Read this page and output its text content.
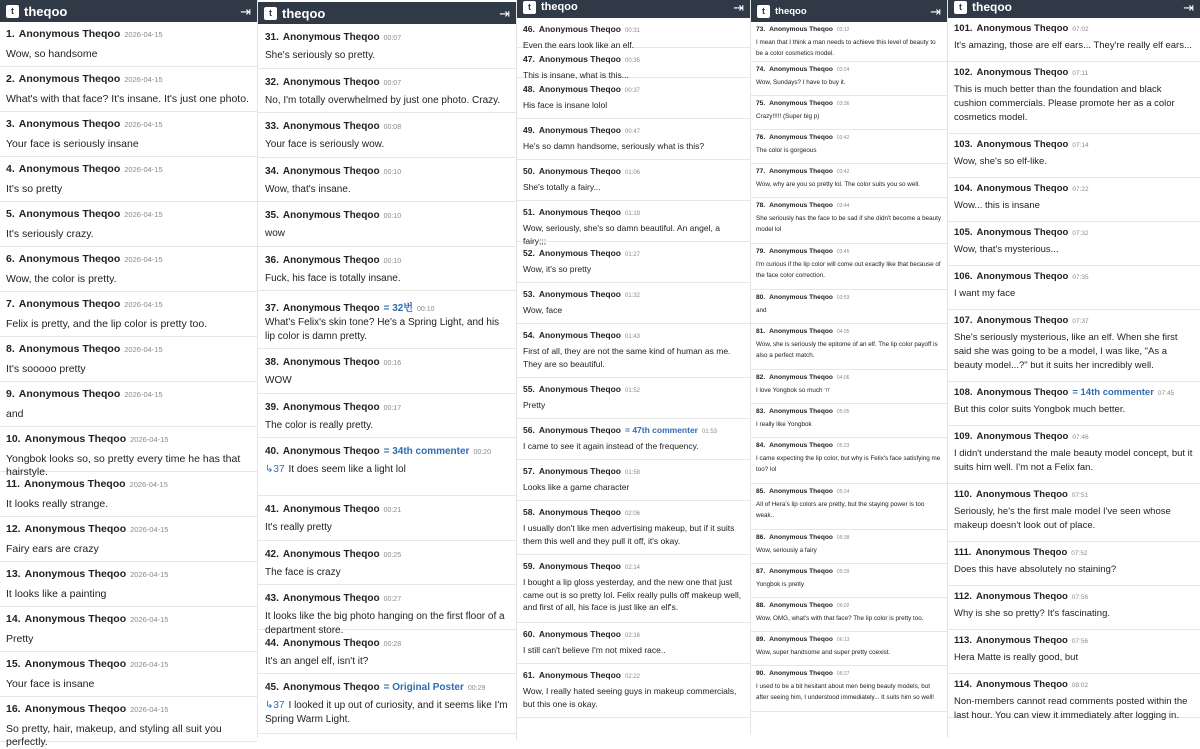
t theqoo	⇥
1. Anonymous Theqoo 2026-04-15
Wow, so handsome
2. Anonymous Theqoo 2026-04-15
What's with that face? It's insane. It's just one photo.
3. Anonymous Theqoo 2026-04-15
Your face is seriously insane
4. Anonymous Theqoo 2026-04-15
It's so pretty
5. Anonymous Theqoo 2026-04-15
It's seriously crazy.
6. Anonymous Theqoo 2026-04-15
Wow, the color is pretty.
7. Anonymous Theqoo 2026-04-15
Felix is pretty, and the lip color is pretty too.
8. Anonymous Theqoo 2026-04-15
It's sooooo pretty
9. Anonymous Theqoo 2026-04-15
and
10. Anonymous Theqoo 2026-04-15
Yongbok looks so, so pretty every time he has that hairstyle.
11. Anonymous Theqoo 2026-04-15
It looks really strange.
12. Anonymous Theqoo 2026-04-15
Fairy ears are crazy
13. Anonymous Theqoo 2026-04-15
It looks like a painting
14. Anonymous Theqoo 2026-04-15
Pretty
15. Anonymous Theqoo 2026-04-15
Your face is insane
16. Anonymous Theqoo 2026-04-15
So pretty, hair, makeup, and styling all suit you perfectly.
t theqoo	⇥
31. Anonymous Theqoo 00:07
She's seriously so pretty.
32. Anonymous Theqoo 00:07
No, I'm totally overwhelmed by just one photo. Crazy.
33. Anonymous Theqoo 00:08
Your face is seriously wow.
34. Anonymous Theqoo 00:10
Wow, that's insane.
35. Anonymous Theqoo 00:10
wow
36. Anonymous Theqoo 00:10
Fuck, his face is totally insane.
37. Anonymous Theqoo = 32번 00:10
What's Felix's skin tone? He's a Spring Light, and his lip color is damn pretty.
38. Anonymous Theqoo 00:16
WOW
39. Anonymous Theqoo 00:17
The color is really pretty.
40. Anonymous Theqoo = 34th commenter 00:20
↳37 It does seem like a light lol
41. Anonymous Theqoo 00:21
It's really pretty
42. Anonymous Theqoo 00:25
The face is crazy
43. Anonymous Theqoo 00:27
It looks like the big photo hanging on the first floor of a department store.
44. Anonymous Theqoo 00:28
It's an angel elf, isn't it?
45. Anonymous Theqoo = Original Poster 00:29
↳37 I looked it up out of curiosity, and it seems like I'm Spring Warm Light.
t theqoo	⇥
46. Anonymous Theqoo 00:31
Even the ears look like an elf.
47. Anonymous Theqoo 00:35
This is insane, what is this...
48. Anonymous Theqoo 00:37
His face is insane lolol
49. Anonymous Theqoo 00:47
He's so damn handsome, seriously what is this?
50. Anonymous Theqoo 01:06
She's totally a fairy...
51. Anonymous Theqoo 01:19
Wow, seriously, she's so damn beautiful. An angel, a fairy;;;
52. Anonymous Theqoo 01:27
Wow, it's so pretty
53. Anonymous Theqoo 01:32
Wow, face
54. Anonymous Theqoo 01:43
First of all, they are not the same kind of human as me. They are so beautiful.
55. Anonymous Theqoo 01:52
Pretty
56. Anonymous Theqoo = 47th commenter 01:53
I came to see it again instead of the frequency.
57. Anonymous Theqoo 01:58
Looks like a game character
58. Anonymous Theqoo 02:06
I usually don't like men advertising makeup, but if it suits them this well and they pull it off, it's okay.
59. Anonymous Theqoo 02:14
I bought a lip gloss yesterday, and the new one that just came out is so pretty lol. Felix really pulls off makeup well, and first of all, his face is just like an elf's.
60. Anonymous Theqoo 02:16
I still can't believe I'm not mixed race..
61. Anonymous Theqoo 02:22
Wow, I really hated seeing guys in makeup commercials, but this one is okay.
t	theqoo	⇥
73. Anonymous Theqoo 03:12
I mean that I think a man needs to achieve this level of beauty to be a color cosmetics model.
74. Anonymous Theqoo 03:24
Wow, Sundays? I have to buy it.
75. Anonymous Theqoo 03:36
Crazy!!!!! (Super big p)
76. Anonymous Theqoo 03:42
The color is gorgeous
77. Anonymous Theqoo 03:42
Wow, why are you so pretty lol. The color suits you so well.
78. Anonymous Theqoo 03:44
She seriously has the face to be sad if she didn't become a beauty model lol
79. Anonymous Theqoo 03:45
I'm curious if the lip color will come out exactly like that because of the face color correction.
80. Anonymous Theqoo 03:53
and
81. Anonymous Theqoo 04:05
Wow, she is seriously the epitome of an elf. The lip color payoff is also a perfect match.
82. Anonymous Theqoo 04:06
I love Yongbok so much ㅠ
83. Anonymous Theqoo 05:05
I really like Yongbok
84. Anonymous Theqoo 05:23
I came expecting the lip color, but why is Felix's face satisfying me too? lol
85. Anonymous Theqoo 05:24
All of Hera's lip colors are pretty, but the staying power is too weak..
86. Anonymous Theqoo 05:38
Wow, seriously a fairy
87. Anonymous Theqoo 05:39
Yongbok is pretty
88. Anonymous Theqoo 06:02
Wow, OMG, what's with that face? The lip color is pretty too.
89. Anonymous Theqoo 06:13
Wow, super handsome and super pretty coexist.
90. Anonymous Theqoo 06:27
I used to be a bit hesitant about men being beauty models, but after seeing him, I understood immediately... It suits him so well!
t theqoo	⇥
101. Anonymous Theqoo 07:02
It's amazing, those are elf ears... They're really elf ears...
102. Anonymous Theqoo 07:11
This is much better than the foundation and black cushion commercials. Please promote her as a color cosmetics model.
103. Anonymous Theqoo 07:14
Wow, she's so elf-like.
104. Anonymous Theqoo 07:22
Wow... this is insane
105. Anonymous Theqoo 07:32
Wow, that's mysterious...
106. Anonymous Theqoo 07:35
I want my face
107. Anonymous Theqoo 07:37
She's seriously mysterious, like an elf. When she first said she was going to be a model, I was like, "As a beauty model...?" but it suits her incredibly well.
108. Anonymous Theqoo = 14th commenter 07:45
But this color suits Yongbok much better.
109. Anonymous Theqoo 07:46
I didn't understand the male beauty model concept, but it suits him well. I'm not a Felix fan.
110. Anonymous Theqoo 07:51
Seriously, he's the first male model I've seen whose makeup doesn't look out of place.
111. Anonymous Theqoo 07:52
Does this have absolutely no staining?
112. Anonymous Theqoo 07:56
Why is she so pretty? It's fascinating.
113. Anonymous Theqoo 07:56
Hera Matte is really good, but
114. Anonymous Theqoo 08:02
Non-members cannot read comments posted within the last hour. You can view it immediately after logging in.
